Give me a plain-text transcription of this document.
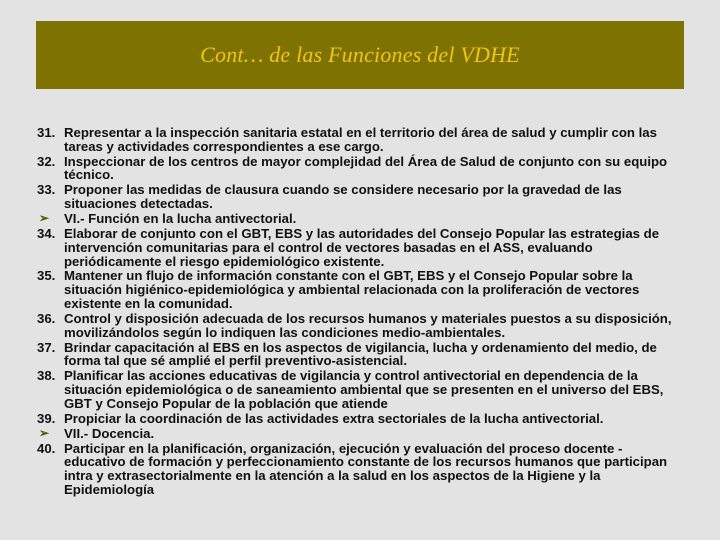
Cont… de las Funciones del VDHE
31. Representar a la inspección sanitaria estatal en el territorio del área de salud y cumplir con las tareas y actividades correspondientes a ese cargo.
32. Inspeccionar de los centros de mayor complejidad del Área de Salud de conjunto con su equipo técnico.
33. Proponer las medidas de clausura cuando se considere necesario por la gravedad de las situaciones detectadas.
➢ VI.- Función en la lucha antivectorial.
34. Elaborar de conjunto con el GBT, EBS y las autoridades del Consejo Popular las estrategias de intervención comunitarias para el control de vectores basadas en el ASS, evaluando periódicamente el riesgo epidemiológico existente.
35. Mantener un flujo de información constante con el GBT, EBS y el Consejo Popular sobre la situación higiénico-epidemiológica y ambiental relacionada con la proliferación de vectores existente en la comunidad.
36. Control y disposición adecuada de los recursos humanos y materiales puestos a su disposición, movilizándolos según lo indiquen las condiciones medio-ambientales.
37. Brindar capacitación al EBS en los aspectos de vigilancia, lucha y ordenamiento del medio, de forma tal que sé amplié el perfil preventivo-asistencial.
38. Planificar las acciones educativas de vigilancia y control antivectorial en dependencia de la situación epidemiológica o de saneamiento ambiental que se presenten en el universo del EBS, GBT y Consejo Popular de la población que atiende
39. Propiciar la coordinación de las actividades extra sectoriales de la lucha antivectorial.
➢ VII.- Docencia.
40. Participar en la planificación, organización, ejecución y evaluación del proceso docente - educativo de formación y perfeccionamiento constante de los recursos humanos que participan intra y extrasectorialmente en la atención a la salud en los aspectos de la Higiene y la Epidemiología
